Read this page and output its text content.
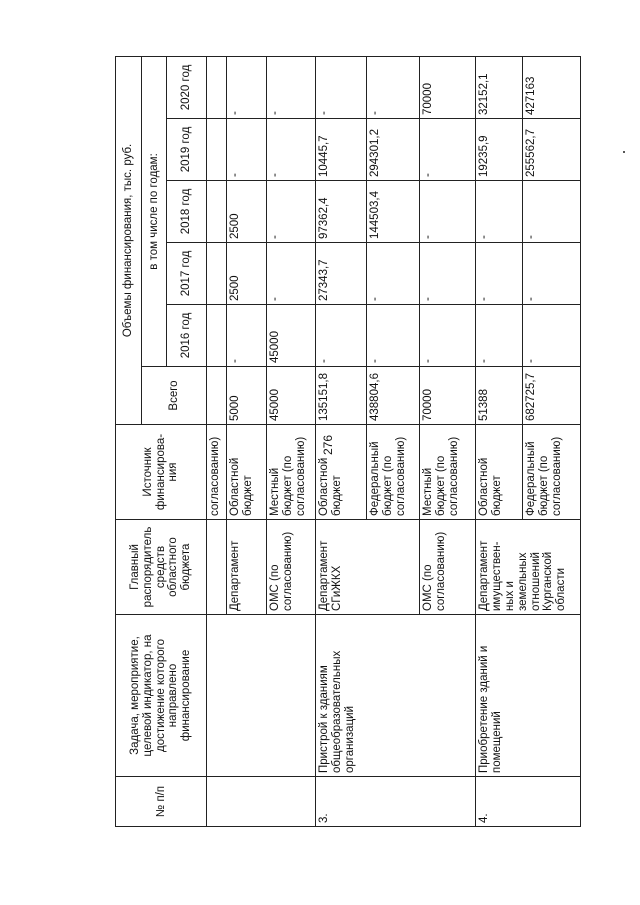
276
№ п/п	Задача, мероприятие, целевой индикатор, на достижение которого направлено финансирование	Главный распорядитель средств областного бюджета	Источник финансирова-ния	Объемы финансирования, тыс. руб.					
				Всего	в том числе по годам:				
					2016 год	2017 год	2018 год	2019 год	2020 год
			согласованию)						
		Департамент	Областной бюджет	5000	-	2500	2500	-	-
		ОМС (по согласованию)	Местный бюджет (по согласованию)	45000	45000	-	-	-	-
3.	Пристрой к зданиям общеобразовательных организаций	Департамент СГиЖКХ	Областной бюджет	135151,8	-	27343,7	97362,4	10445,7	-
			Федеральный бюджет (по согласованию)	438804,6	-	-	144503,4	294301,2	-
		ОМС (по согласованию)	Местный бюджет (по согласованию)	70000	-	-	-	-	70000
4.	Приобретение зданий и помещений	Департамент имуществен-ных и земельных отношений Курганской области	Областной бюджет	51388	-	-	-	19235,9	32152,1
			Федеральный бюджет (по согласованию)	682725,7	-	-	-	255562,7	427163
